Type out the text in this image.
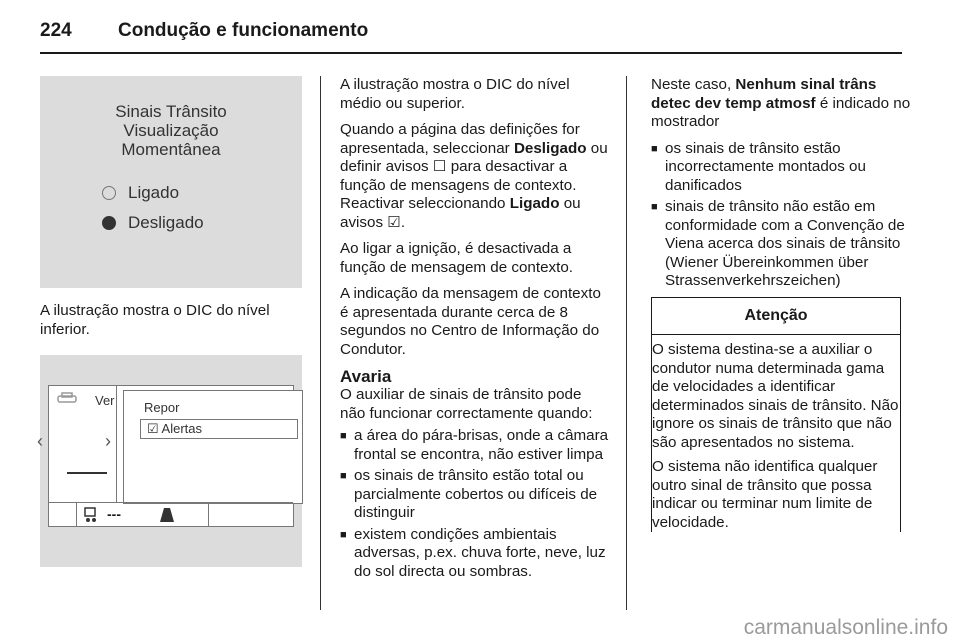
224 Condução e funcionamento
Sinais Trânsito
Visualização
Momentânea
Ligado
Desligado

A ilustração mostra o DIC do nível inferior.

Ver
‹	›
Repor
☑ Alertas
---

A ilustração mostra o DIC do nível médio ou superior.

Quando a página das definições for apresentada, seleccionar Desligado ou definir avisos ☐ para desactivar a função de mensagens de contexto. Reactivar seleccionando Ligado ou avisos ☑.

Ao ligar a ignição, é desactivada a função de mensagem de contexto.

A indicação da mensagem de contexto é apresentada durante cerca de 8 segundos no Centro de Informação do Condutor.

Avaria

O auxiliar de sinais de trânsito pode não funcionar correctamente quando:

■ a área do pára-brisas, onde a câmara frontal se encontra, não estiver limpa
■ os sinais de trânsito estão total ou parcialmente cobertos ou difíceis de distinguir
■ existem condições ambientais adversas, p.ex. chuva forte, neve, luz do sol directa ou sombras.

Neste caso, Nenhum sinal trâns detec dev temp atmosf é indicado no mostrador

■ os sinais de trânsito estão incorrectamente montados ou danificados
■ sinais de trânsito não estão em conformidade com a Convenção de Viena acerca dos sinais de trânsito (Wiener Übereinkommen über Strassenverkehrszeichen)
Atenção

O sistema destina-se a auxiliar o condutor numa determinada gama de velocidades a identificar determinados sinais de trânsito. Não ignore os sinais de trânsito que não são apresentados no sistema.

O sistema não identifica qualquer outro sinal de trânsito que possa indicar ou terminar num limite de velocidade.

carmanualsonline.info
